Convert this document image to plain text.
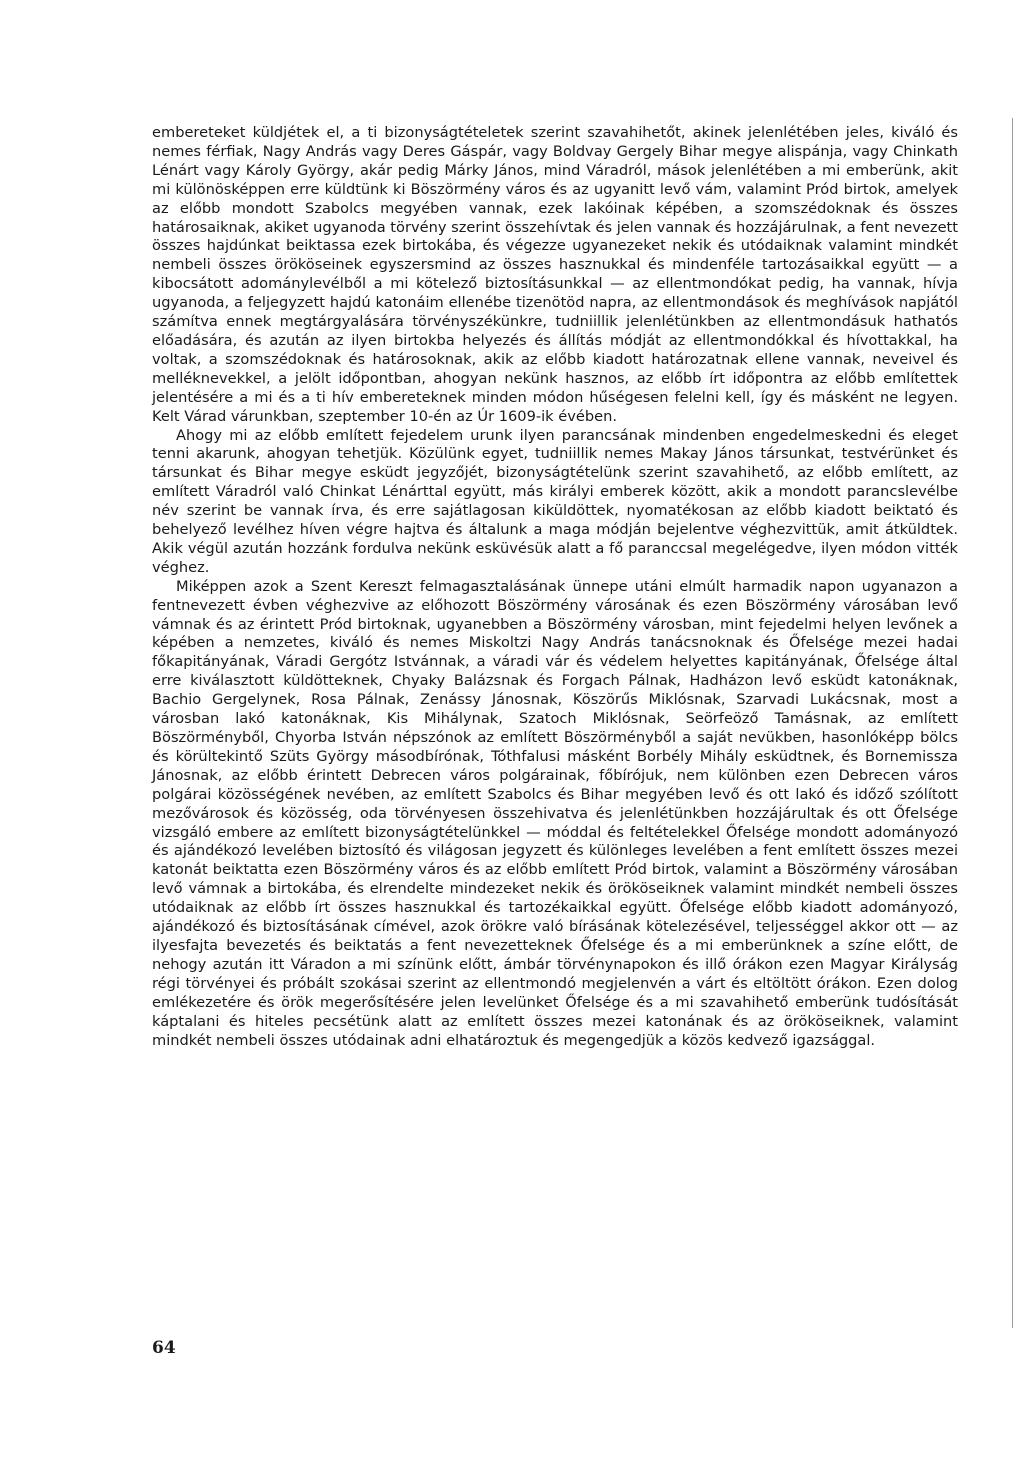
embereteket küldjétek el, a ti bizonyságtételetek szerint szavahihetőt, akinek jelenlétében jeles, kiváló és nemes férfiak, Nagy András vagy Deres Gáspár, vagy Boldvay Gergely Bihar megye alispánja, vagy Chinkath Lénárt vagy Károly György, akár pedig Márky János, mind Váradról, mások jelenlétében a mi emberünk, akit mi különösképpen erre küldtünk ki Böszörmény város és az ugyanitt levő vám, valamint Pród birtok, amelyek az előbb mondott Szabolcs megyében vannak, ezek lakóinak képében, a szomszédoknak és összes határosaiknak, akiket ugyanoda törvény szerint összehívtak és jelen vannak és hozzájárulnak, a fent nevezett összes hajdúnkat beiktassa ezek birtokába, és végezze ugyanezeket nekik és utódaiknak valamint mindkét nembeli összes örököseinek egyszersmind az összes hasznukkal és mindenféle tartozásaikkal együtt — a kibocsátott adománylevélből a mi kötelező biztosításunkkal — az ellentmondókat pedig, ha vannak, hívja ugyanoda, a feljegyzett hajdú katonáim ellenébe tizenötöd napra, az ellentmondások és meghívások napjától számítva ennek megtárgyalására törvényszékünkre, tudniillik jelenlétünkben az ellentmondásuk hathatós előadására, és azután az ilyen birtokba helyezés és állítás módját az ellentmondókkal és hívottakkal, ha voltak, a szomszédoknak és határosoknak, akik az előbb kiadott határozatnak ellene vannak, neveivel és melléknevekkel, a jelölt időpontban, ahogyan nekünk hasznos, az előbb írt időpontra az előbb említettek jelentésére a mi és a ti hív embereteknek minden módon hűségesen felelni kell, így és másként ne legyen. Kelt Várad várunkban, szeptember 10-én az Úr 1609-ik évében.

Ahogy mi az előbb említett fejedelem urunk ilyen parancsának mindenben engedelmeskedni és eleget tenni akarunk, ahogyan tehetjük. Közülünk egyet, tudniillik nemes Makay János társunkat, testvérünket és társunkat és Bihar megye esküdt jegyzőjét, bizonyságtételünk szerint szavahihető, az előbb említett, az említett Váradról való Chinkat Lénárttal együtt, más királyi emberek között, akik a mondott parancslevélbe név szerint be vannak írva, és erre sajátlagosan kiküldöttek, nyomatékosan az előbb kiadott beiktató és behelyező levélhez híven végre hajtva és általunk a maga módján bejelentve véghezvittük, amit átküldtek. Akik végül azután hozzánk fordulva nekünk esküvésük alatt a fő paranccsal megelégedve, ilyen módon vitték véghez.

Miképpen azok a Szent Kereszt felmagasztalásának ünnepe utáni elmúlt harmadik napon ugyanazon a fentnevezett évben véghezvive az előhozott Böszörmény városának és ezen Böszörmény városában levő vámnak és az érintett Pród birtoknak, ugyanebben a Böszörmény városban, mint fejedelmi helyen levőnek a képében a nemzetes, kiváló és nemes Miskoltzi Nagy András tanácsnoknak és Őfelsége mezei hadai főkapitányának, Váradi Gergótz Istvánnak, a váradi vár és védelem helyettes kapitányának, Őfelsége által erre kiválasztott küldötteknek, Chyaky Balázsnak és Forgach Pálnak, Hadházon levő esküdt katonáknak, Bachio Gergelynek, Rosa Pálnak, Zenássy Jánosnak, Köszörűs Miklósnak, Szarvadi Lukácsnak, most a városban lakó katonáknak, Kis Mihálynak, Szatoch Miklósnak, Seörfeöző Tamásnak, az említett Böszörményből, Chyorba István népszónok az említett Böszörményből a saját nevükben, hasonlóképp bölcs és körültekintő Szüts György másodbírónak, Tóthfalusi másként Borbély Mihály esküdtnek, és Bornemissza Jánosnak, az előbb érintett Debrecen város polgárainak, főbírójuk, nem különben ezen Debrecen város polgárai közösségének nevében, az említett Szabolcs és Bihar megyében levő és ott lakó és időző szólított mezővárosok és közösség, oda törvényesen összehivatva és jelenlétünkben hozzájárultak és ott Őfelsége vizsgáló embere az említett bizonyságtételünkkel — móddal és feltételekkel Őfelsége mondott adományozó és ajándékozó levelében biztosító és világosan jegyzett és különleges levelében a fent említett összes mezei katonát beiktatta ezen Böszörmény város és az előbb említett Pród birtok, valamint a Böszörmény városában levő vámnak a birtokába, és elrendelte mindezeket nekik és örököseiknek valamint mindkét nembeli összes utódaiknak az előbb írt összes hasznukkal és tartozékaikkal együtt. Őfelsége előbb kiadott adományozó, ajándékozó és biztosításának címével, azok örökre való bírásának kötelezésével, teljességgel akkor ott — az ilyesfajta bevezetés és beiktatás a fent nevezetteknek Őfelsége és a mi emberünknek a színe előtt, de nehogy azután itt Váradon a mi színünk előtt, ámbár törvénynapokon és illő órákon ezen Magyar Királyság régi törvényei és próbált szokásai szerint az ellentmondó megjelenvén a várt és eltöltött órákon. Ezen dolog emlékezetére és örök megerősítésére jelen levelünket Őfelsége és a mi szavahihető emberünk tudósítását káptalani és hiteles pecsétünk alatt az említett összes mezei katonának és az örököseiknek, valamint mindkét nembeli összes utódainak adni elhatároztuk és megengedjük a közös kedvező igazsággal.

64
